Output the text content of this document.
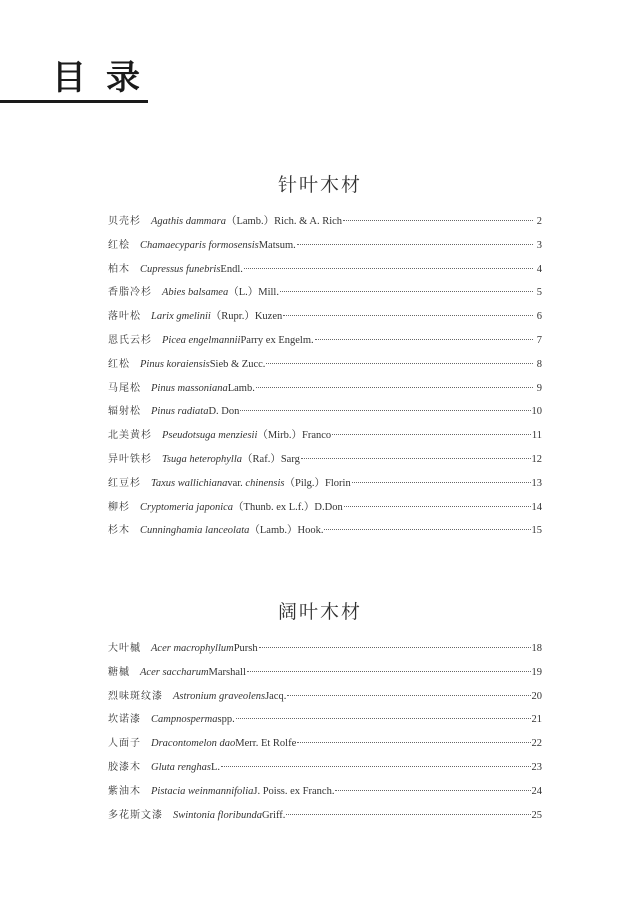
目录
针叶木材
贝壳杉 Agathis dammara （Lamb.）Rich. & A. Rich	2
红桧 Chamaecyparis formosensis Matsum.	3
柏木 Cupressus funebris Endl.	4
香脂冷杉 Abies balsamea （L.）Mill.	5
落叶松 Larix gmelinii （Rupr.）Kuzen	6
恩氏云杉 Picea engelmannii Parry ex Engelm.	7
红松 Pinus koraiensis Sieb & Zucc.	8
马尾松 Pinus massoniana Lamb.	9
辐射松 Pinus radiata D. Don	10
北美黄杉 Pseudotsuga menziesii （Mirb.）Franco	11
异叶铁杉 Tsuga heterophylla （Raf.）Sarg	12
红豆杉 Taxus wallichiana var. chinensis（Pilg.）Florin	13
柳杉 Cryptomeria japonica （Thunb. ex L.f.）D.Don	14
杉木 Cunninghamia lanceolata （Lamb.）Hook.	15
阔叶木材
大叶槭 Acer macrophyllum Pursh	18
糖槭 Acer saccharum Marshall	19
烈味斑纹漆 Astronium graveolens Jacq.	20
坎诺漆 Campnosperma spp.	21
人面子 Dracontomelon dao Merr. Et Rolfe	22
胶漆木 Gluta renghas L.	23
紫油木 Pistacia weinmannifolia J. Poiss. ex Franch.	24
多花斯文漆 Swintonia floribunda Griff.	25
